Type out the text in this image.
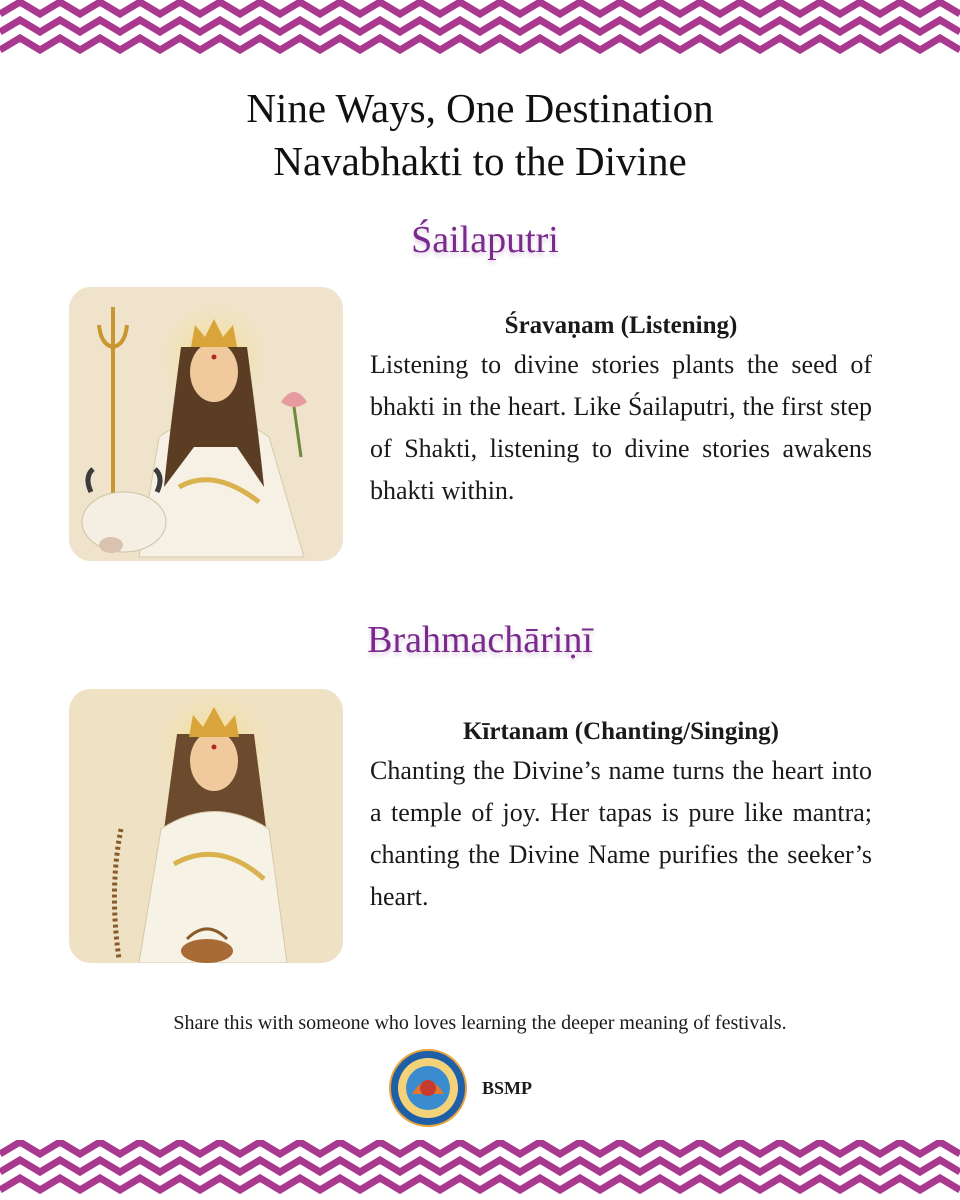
Nine Ways, One Destination
Navabhakti to the Divine
Śailaputri
Śravaṇam (Listening)
Listening to divine stories plants the seed of bhakti in the heart. Like Śailaputri, the first step of Shakti, listening to divine stories awakens bhakti within.
Brahmachāriṇī
Kīrtanam (Chanting/Singing)
Chanting the Divine’s name turns the heart into a temple of joy. Her tapas is pure like mantra; chanting the Divine Name purifies the seeker’s heart.
Share this with someone who loves learning the deeper meaning of festivals.
BSMP
